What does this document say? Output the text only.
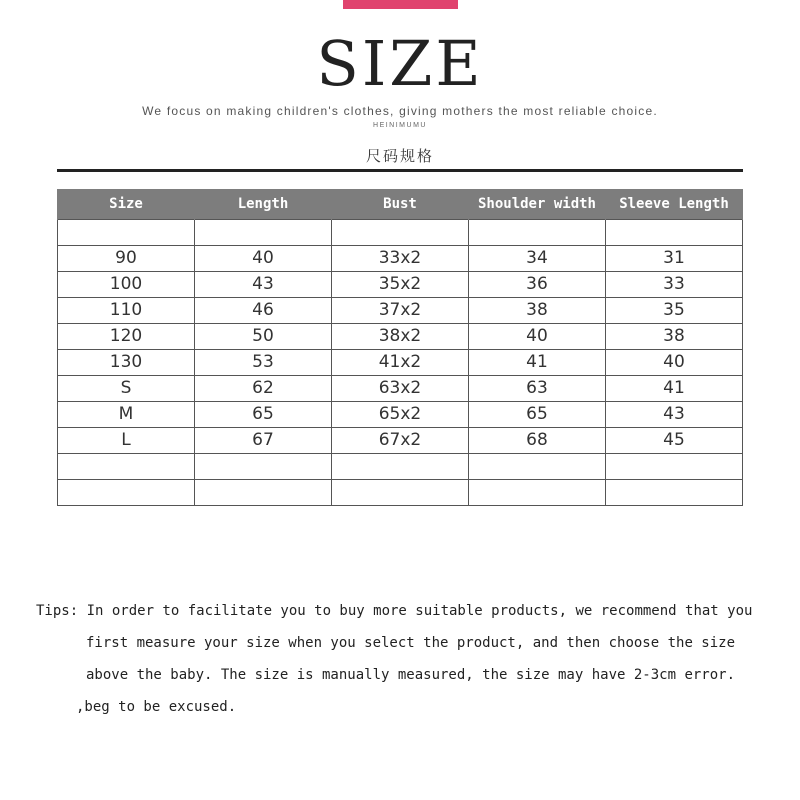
SIZE
We focus on making children's clothes, giving mothers the most reliable choice.
HEINIMUMU
尺码规格
Size	Length	Bust	Shoulder width	Sleeve Length

90	40	33x2	34	31
100	43	35x2	36	33
110	46	37x2	38	35
120	50	38x2	40	38
130	53	41x2	41	40
S	62	63x2	63	41
M	65	65x2	65	43
L	67	67x2	68	45

Tips: In order to facilitate you to buy more suitable products, we recommend that you
first measure your size when you select the product, and then choose the size
above the baby. The size is manually measured, the size may have 2-3cm error.
,beg to be excused.
